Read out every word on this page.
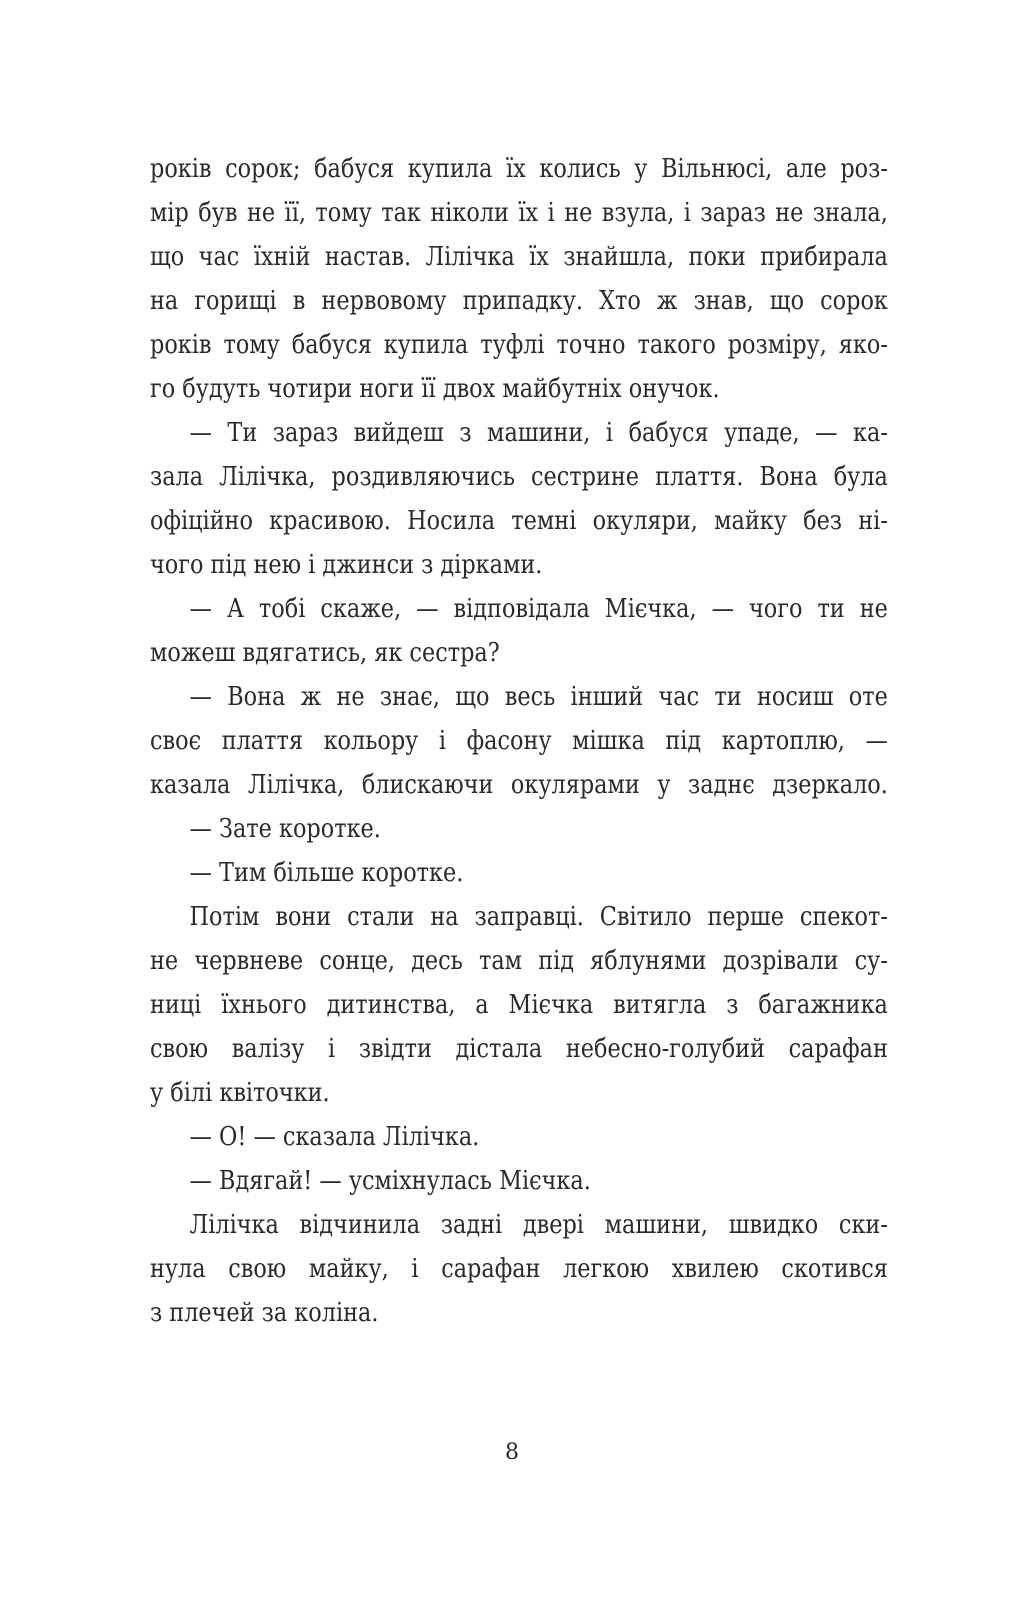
років сорок; бабуся купила їх колись у Вільнюсі, але роз-
мір був не її, тому так ніколи їх і не взула, і зараз не знала,
що час їхній настав. Лілічка їх знайшла, поки прибирала
на горищі в нервовому припадку. Хто ж знав, що сорок
років тому бабуся купила туфлі точно такого розміру, яко-
го будуть чотири ноги її двох майбутніх онучок.
— Ти зараз вийдеш з машини, і бабуся упаде, — ка-
зала Лілічка, роздивляючись сестрине плаття. Вона була
офіційно красивою. Носила темні окуляри, майку без ні-
чого під нею і джинси з дірками.
— А тобі скаже, — відповідала Мієчка, — чого ти не
можеш вдягатись, як сестра?
— Вона ж не знає, що весь інший час ти носиш оте
своє плаття кольору і фасону мішка під картоплю, —
казала Лілічка, блискаючи окулярами у заднє дзеркало.
— Зате коротке.
— Тим більше коротке.
Потім вони стали на заправці. Світило перше спекот-
не червневе сонце, десь там під яблунями дозрівали су-
ниці їхнього дитинства, а Мієчка витягла з багажника
свою валізу і звідти дістала небесно-голубий сарафан
у білі квіточки.
— О! — сказала Лілічка.
— Вдягай! — усміхнулась Мієчка.
Лілічка відчинила задні двері машини, швидко ски-
нула свою майку, і сарафан легкою хвилею скотився
з плечей за коліна.
8
